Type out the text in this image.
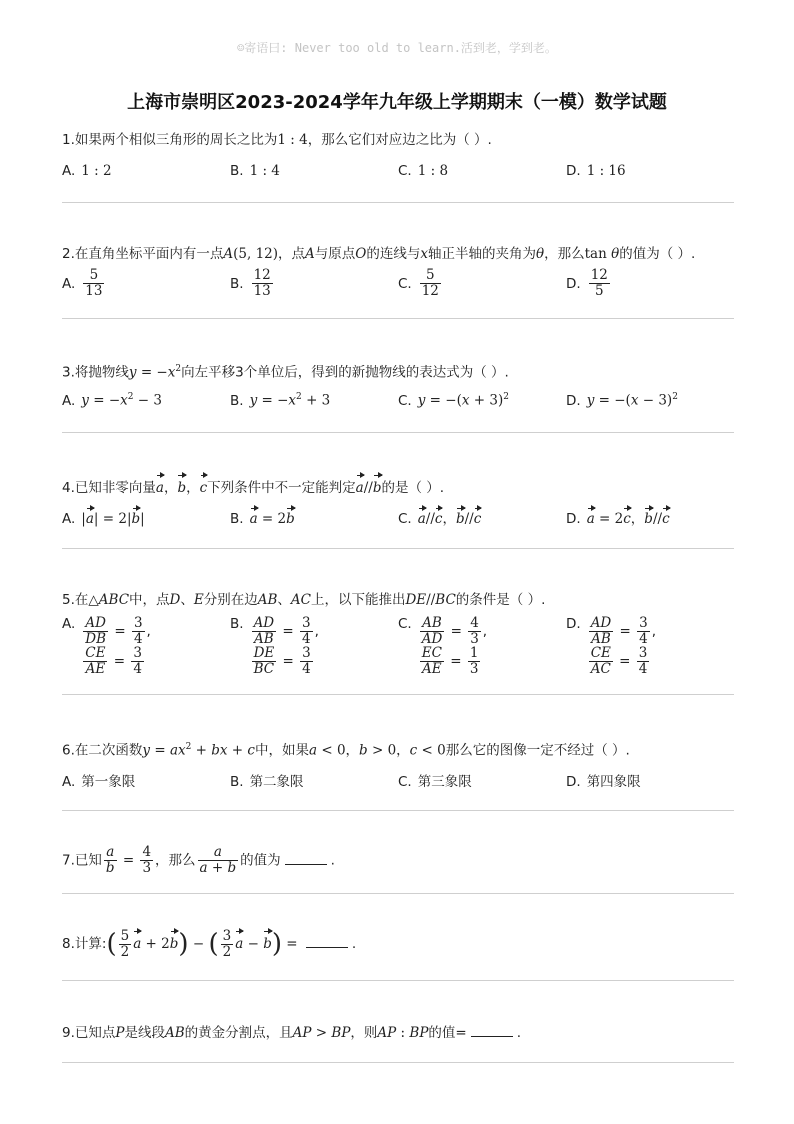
☺寄语曰: Never too old to learn.活到老，学到老。
上海市崇明区2023-2024学年九年级上学期期末（一模）数学试题
1.如果两个相似三角形的周长之比为1 : 4，那么它们对应边之比为（ ）.
A. 1 : 2	B. 1 : 4	C. 1 : 8	D. 1 : 16
2.在直角坐标平面内有一点A(5, 12)，点A与原点O的连线与x轴正半轴的夹角为θ，那么tan θ的值为（ ）.
A. $\frac{5}{13}$	B. $\frac{12}{13}$	C. $\frac{5}{12}$	D. $\frac{12}{5}$
3.将抛物线$y = -x^2$向左平移3个单位后，得到的新抛物线的表达式为（ ）.
A. $y = -x^2 - 3$	B. $y = -x^2 + 3$	C. $y = -(x + 3)^2$	D. $y = -(x - 3)^2$
4.已知非零向量a，b，c下列条件中不一定能判定a//b的是（ ）.
A. |a| = 2|b|	B. a = 2b	C. a//c，b//c	D. a = 2c，b//c
5.在△ABC中，点D、E分别在边AB、AC上，以下能推出DE//BC的条件是（ ）.
A. $\frac{AD}{DB} = \frac{3}{4}$ ,
$\frac{CE}{AE} = \frac{3}{4}$
B. $\frac{AD}{AB} = \frac{3}{4}$ ,
$\frac{DE}{BC} = \frac{3}{4}$
C. $\frac{AB}{AD} = \frac{4}{3}$ ,
$\frac{EC}{AE} = \frac{1}{3}$
D. $\frac{AD}{AB} = \frac{3}{4}$ ,
$\frac{CE}{AC} = \frac{3}{4}$
6.在二次函数$y = ax^2$ + bx + c中，如果a < 0，b > 0，c < 0那么它的图像一定不经过（ ）.
A. 第一象限	B. 第二象限	C. 第三象限	D. 第四象限
7.已知 $\frac{a}{b} = \frac{4}{3}$ ，那么 $\frac{a}{a + b}$ 的值为	.
8.计算:( $\frac{5}{2}$ a + 2b) − ( $\frac{3}{2}$ a − b) =	.
9.已知点P是线段AB的黄金分割点，且AP > BP，则AP : BP的值=	.
